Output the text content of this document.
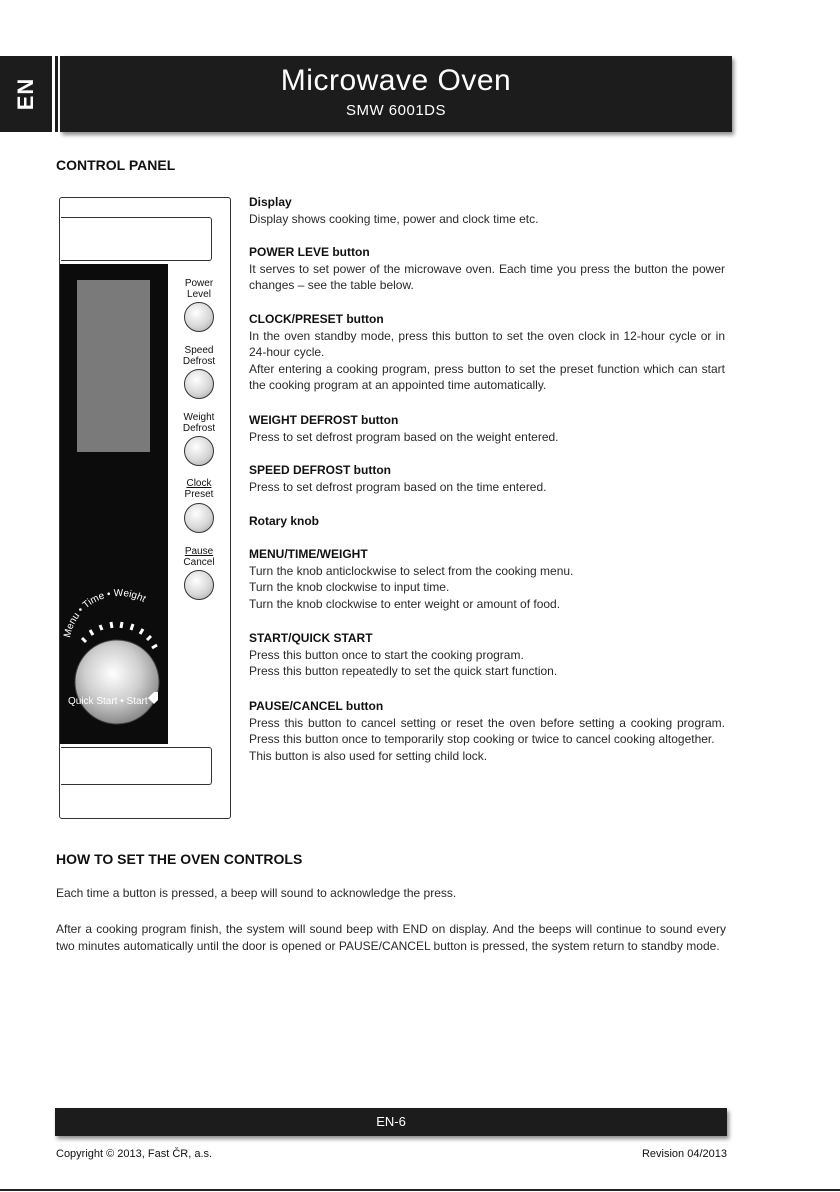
EN	Microwave Oven
SMW 6001DS
CONTROL PANEL
Power
Level
Speed
Defrost
Weight
Defrost
Clock
Preset
Pause
Cancel
Menu • Time • Weight
Quick Start • Start
Display

Display shows cooking time, power and clock time etc.

POWER LEVE button

It serves to set power of the microwave oven. Each time you press the button the power changes – see the table below.

CLOCK/PRESET button

In the oven standby mode, press this button to set the oven clock in 12-hour cycle or in 24-hour cycle.

After entering a cooking program, press button to set the preset function which can start the cooking program at an appointed time automatically.

WEIGHT DEFROST button

Press to set defrost program based on the weight entered.

SPEED DEFROST button

Press to set defrost program based on the time entered.

Rotary knob
MENU/TIME/WEIGHT

Turn the knob anticlockwise to select from the cooking menu.

Turn the knob clockwise to input time.

Turn the knob clockwise to enter weight or amount of food.

START/QUICK START

Press this button once to start the cooking program.

Press this button repeatedly to set the quick start function.

PAUSE/CANCEL button

Press this button to cancel setting or reset the oven before setting a cooking program. Press this button once to temporarily stop cooking or twice to cancel cooking altogether.

This button is also used for setting child lock.

HOW TO SET THE OVEN CONTROLS

Each time a button is pressed, a beep will sound to acknowledge the press.

After a cooking program finish, the system will sound beep with END on display. And the beeps will continue to sound every two minutes automatically until the door is opened or PAUSE/CANCEL button is pressed, the system return to standby mode.

EN-6
Copyright © 2013, Fast ČR, a.s.	Revision 04/2013
